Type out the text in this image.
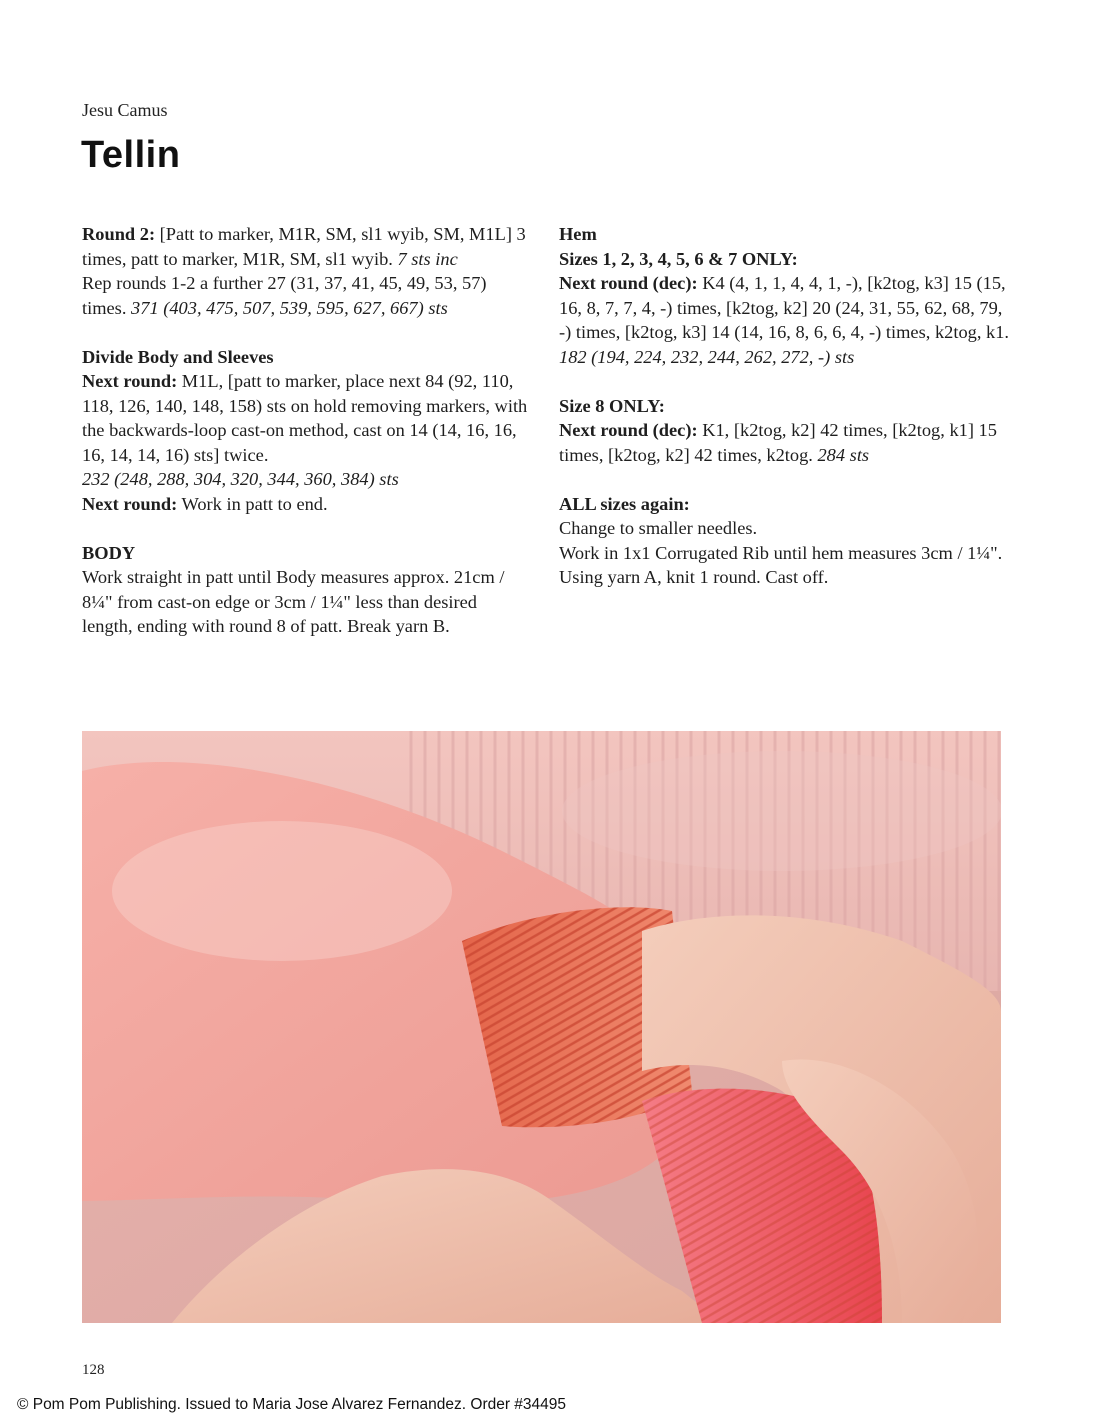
Jesu Camus
Tellin

Round 2: [Patt to marker, M1R, SM, sl1 wyib, SM, M1L] 3 times, patt to marker, M1R, SM, sl1 wyib. 7 sts inc

Rep rounds 1-2 a further 27 (31, 37, 41, 45, 49, 53, 57) times. 371 (403, 475, 507, 539, 595, 627, 667) sts

Divide Body and Sleeves

Next round: M1L, [patt to marker, place next 84 (92, 110, 118, 126, 140, 148, 158) sts on hold removing markers, with the backwards-loop cast-on method, cast on 14 (14, 16, 16, 16, 14, 14, 16) sts] twice.

232 (248, 288, 304, 320, 344, 360, 384) sts

Next round: Work in patt to end.

BODY

Work straight in patt until Body measures approx. 21cm / 8¼" from cast-on edge or 3cm / 1¼" less than desired length, ending with round 8 of patt. Break yarn B.

Hem

Sizes 1, 2, 3, 4, 5, 6 & 7 ONLY:

Next round (dec): K4 (4, 1, 1, 4, 4, 1, -), [k2tog, k3] 15 (15, 16, 8, 7, 7, 4, -) times, [k2tog, k2] 20 (24, 31, 55, 62, 68, 79, -) times, [k2tog, k3] 14 (14, 16, 8, 6, 6, 4, -) times, k2tog, k1. 182 (194, 224, 232, 244, 262, 272, -) sts

Size 8 ONLY:

Next round (dec): K1, [k2tog, k2] 42 times, [k2tog, k1] 15 times, [k2tog, k2] 42 times, k2tog. 284 sts

ALL sizes again:

Change to smaller needles.

Work in 1x1 Corrugated Rib until hem measures 3cm / 1¼".

Using yarn A, knit 1 round. Cast off.

128
© Pom Pom Publishing. Issued to Maria Jose Alvarez Fernandez. Order #34495
